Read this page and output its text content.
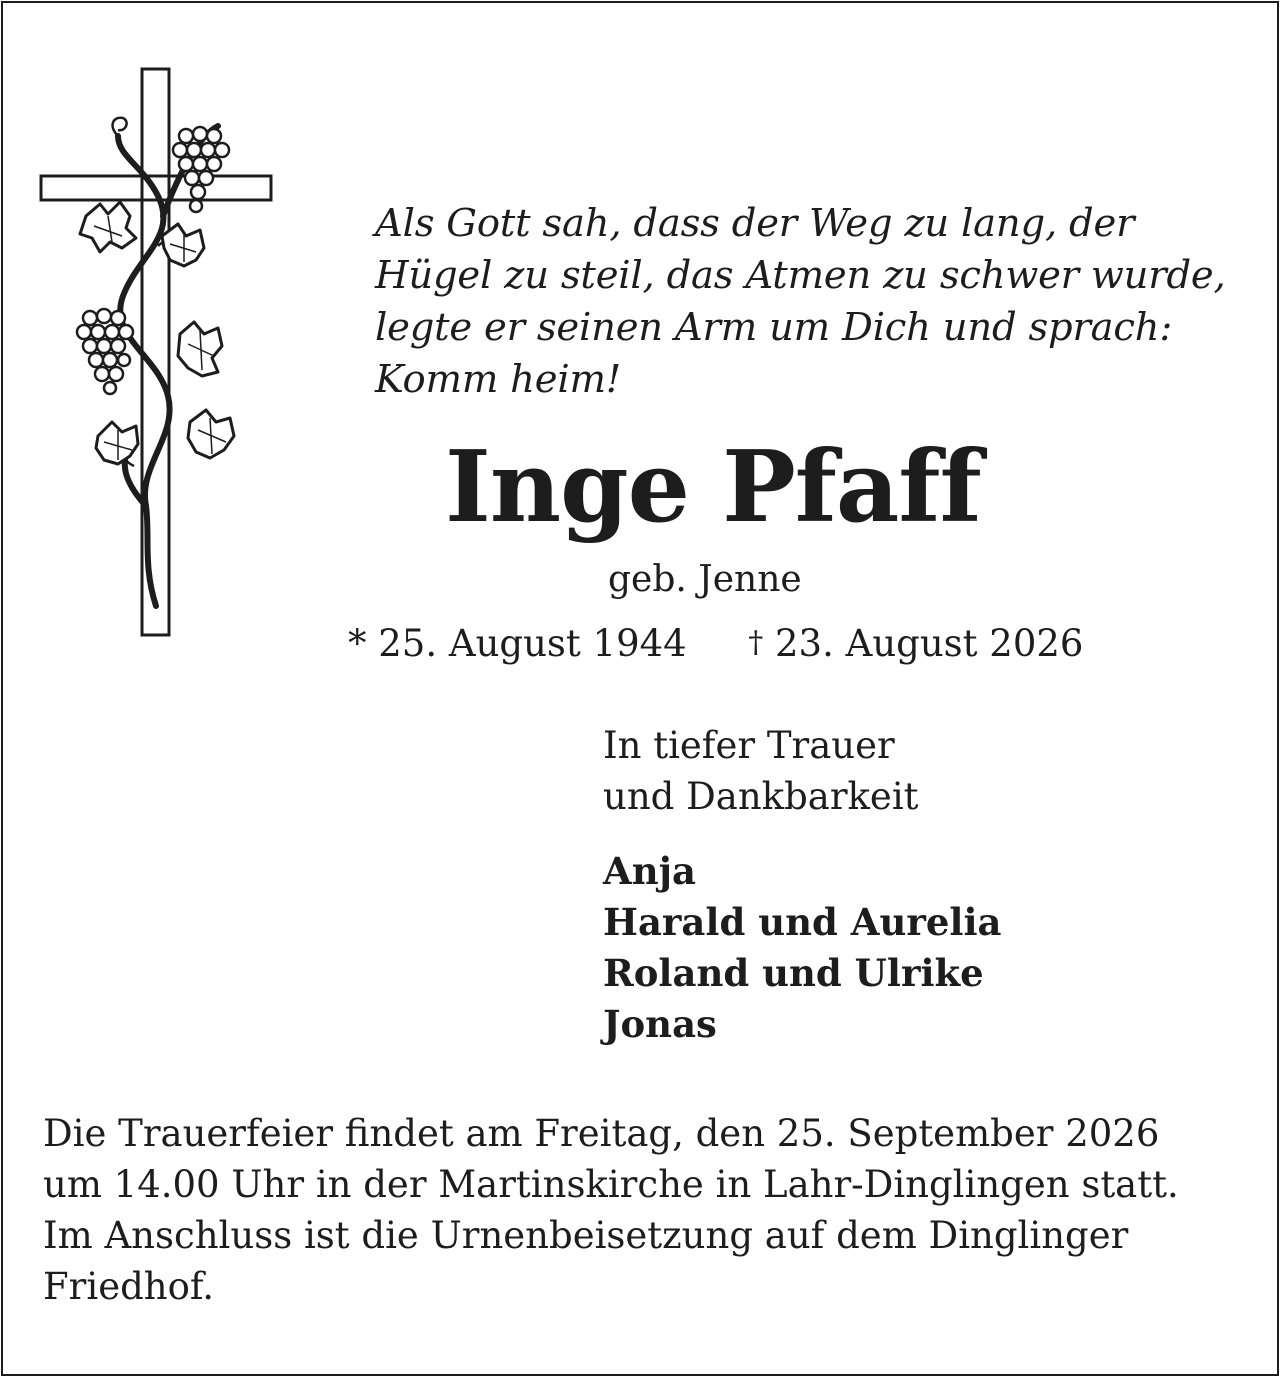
Als Gott sah, dass der Weg zu lang, der
Hügel zu steil, das Atmen zu schwer wurde,
legte er seinen Arm um Dich und sprach:
Komm heim!
Inge Pfaff
geb. Jenne
* 25. August 1944 † 23. August 2026
In tiefer Trauer
und Dankbarkeit
Anja
Harald und Aurelia
Roland und Ulrike
Jonas
Die Trauerfeier findet am Freitag, den 25. September 2026
um 14.00 Uhr in der Martinskirche in Lahr-Dinglingen statt.
Im Anschluss ist die Urnenbeisetzung auf dem Dinglinger
Friedhof.
